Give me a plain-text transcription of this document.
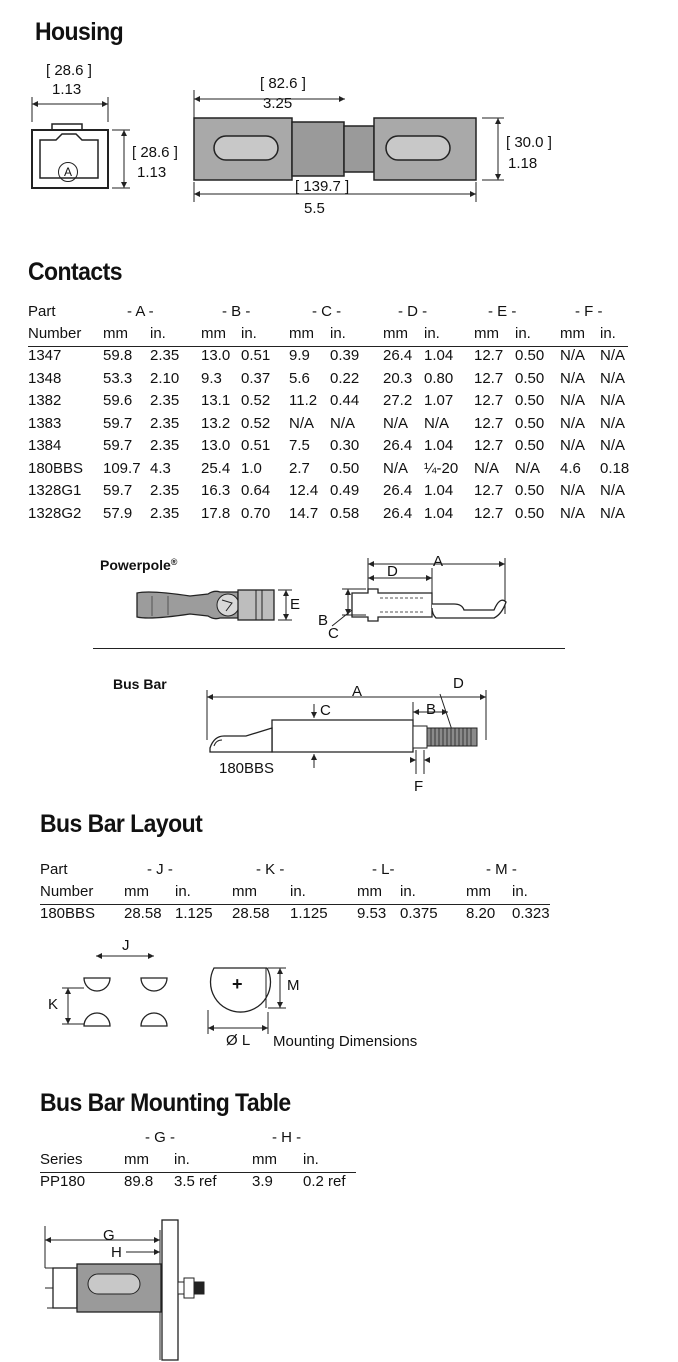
Housing
[ 28.6 ]
1.13
A
[ 28.6 ]
1.13
[ 82.6 ]
3.25
[ 30.0 ]
1.18
[ 139.7 ]
5.5
Contacts
Part	- A -	- B -	- C -	- D -	- E -	- F -
Number mm in. mm in. mm in. mm in. mm in. mm in.
1347	59.8 2.35 13.0 0.51 9.9 0.39 26.4 1.04 12.7 0.50 N/A N/A
1348	53.3 2.10 9.3 0.37 5.6 0.22 20.3 0.80 12.7 0.50 N/A N/A
1382	59.6 2.35 13.1 0.52 11.2 0.44 27.2 1.07 12.7 0.50 N/A N/A
1383	59.7 2.35 13.2 0.52 N/A N/A N/A N/A 12.7 0.50 N/A N/A
1384	59.7 2.35 13.0 0.51 7.5 0.30 26.4 1.04 12.7 0.50 N/A N/A
180BBS 109.7 4.3 25.4 1.0 2.7 0.50 N/A ¼-20 N/A N/A 4.6 0.18
1328G1 59.7 2.35 16.3 0.64 12.4 0.49 26.4 1.04 12.7 0.50 N/A N/A
1328G2 57.9 2.35 17.8 0.70 14.7 0.58 26.4 1.04 12.7 0.50 N/A N/A
Powerpole®	A
D
E
B
C
Bus Bar	A	D
B
C
180BBS
F
Bus Bar Layout
Part	- J -	- K -	- L-	- M -
Number mm in.	mm in.	mm in.	mm in.
180BBS 28.58 1.125 28.58 1.125 9.53 0.375 8.20 0.323
J
K
+	M
Ø L Mounting Dimensions
Bus Bar Mounting Table
- G -	- H -
Series	mm in.	mm in.
PP180	89.8 3.5 ref 3.9 0.2 ref
G
H
